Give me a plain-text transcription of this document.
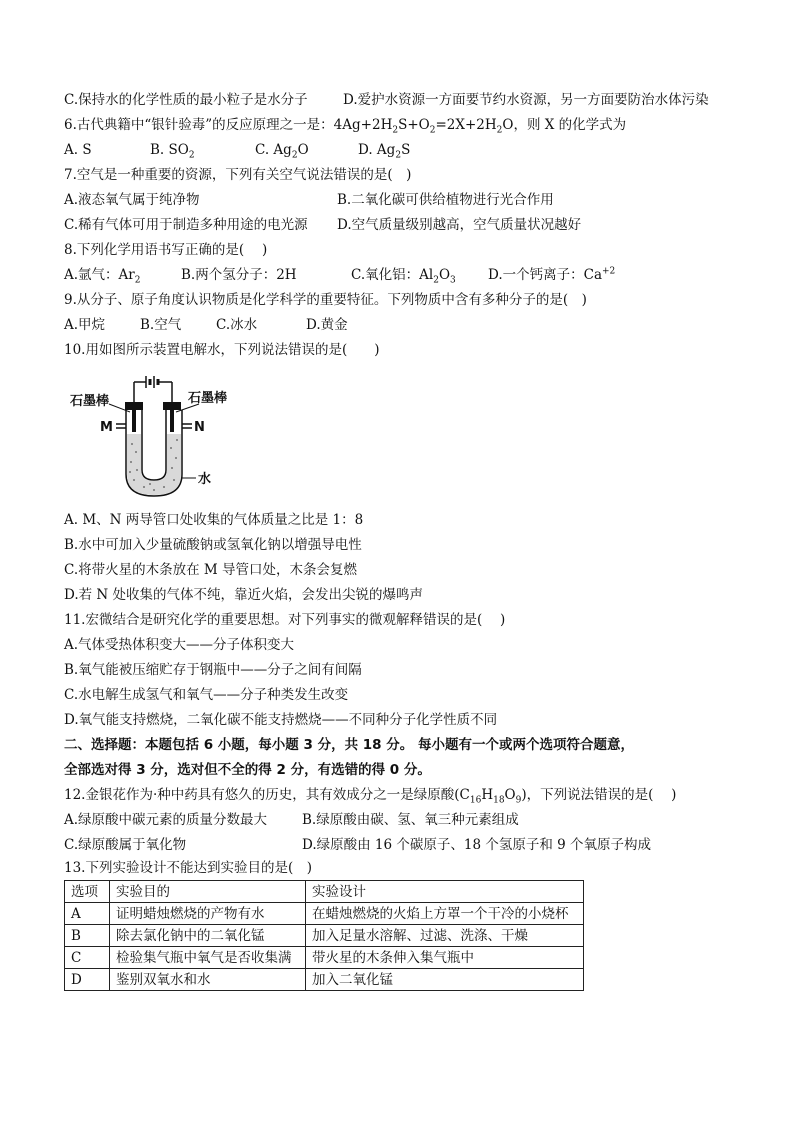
C.保持水的化学性质的最小粒子是水分子	D.爱护水资源一方面要节约水资源，另一方面要防治水体污染
6.古代典籍中“银针验毒”的反应原理之一是：$4Ag+2H_2S+O_2=2X+2H_2O$，则 X 的化学式为
A. S	B. $SO_2$	C. $Ag_2O$	D. $Ag_2S$
7.空气是一种重要的资源，下列有关空气说法错误的是(　)
A.液态氧气属于纯净物	B.二氧化碳可供给植物进行光合作用
C.稀有气体可用于制造多种用途的电光源 D.空气质量级别越高，空气质量状况越好
8.下列化学用语书写正确的是(　 )
A.氩气：$Ar_2$	B.两个氢分子：2H	C.氧化铝：$Al_2O_3$ D.一个钙离子：$Ca^{+2}$
9.从分子、原子角度认识物质是化学科学的重要特征。下列物质中含有多种分子的是(　)
A.甲烷	B.空气	C.冰水	D.黄金
10.用如图所示装置电解水，下列说法错误的是(　　)
石墨棒	石墨棒
M	N
水
A. M、N 两导管口处收集的气体质量之比是 1：8
B.水中可加入少量硫酸钠或氢氧化钠以增强导电性
C.将带火星的木条放在 M 导管口处，木条会复燃
D.若 N 处收集的气体不纯，靠近火焰，会发出尖锐的爆鸣声
11.宏微结合是研究化学的重要思想。对下列事实的微观解释错误的是(　 )
A.气体受热体积变大——分子体积变大
B.氧气能被压缩贮存于钢瓶中——分子之间有间隔
C.水电解生成氢气和氧气——分子种类发生改变
D.氧气能支持燃烧，二氧化碳不能支持燃烧——不同种分子化学性质不同
二、选择题：本题包括 6 小题，每小题 3 分，共 18 分。 每小题有一个或两个选项符合题意，
全部选对得 3 分，选对但不全的得 2 分，有选错的得 0 分。
12.金银花作为·种中药具有悠久的历史，其有效成分之一是绿原酸$(C_{16}H_{18}O_9)$，下列说法错误的是(　 )
A.绿原酸中碳元素的质量分数最大	B.绿原酸由碳、氢、氧三种元素组成
C.绿原酸属于氧化物	D.绿原酸由 16 个碳原子、18 个氢原子和 9 个氧原子构成
13.下列实验设计不能达到实验目的是(　)
选项	实验目的	实验设计
A	证明蜡烛燃烧的产物有水	在蜡烛燃烧的火焰上方罩一个干冷的小烧杯
B	除去氯化钠中的二氧化锰	加入足量水溶解、过滤、洗涤、干燥
C	检验集气瓶中氧气是否收集满	带火星的木条伸入集气瓶中
D	鉴别双氧水和水	加入二氧化锰
